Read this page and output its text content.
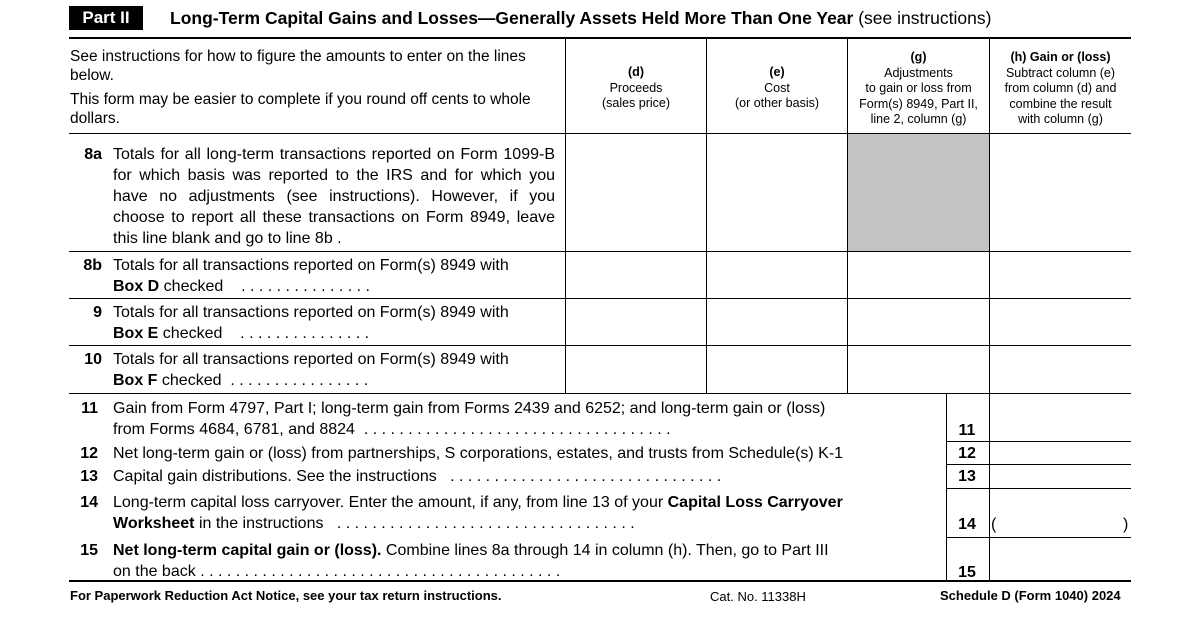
Part II	Long-Term Capital Gains and Losses—Generally Assets Held More Than One Year (see instructions)
See instructions for how to figure the amounts to enter on the lines below.
This form may be easier to complete if you round off cents to whole dollars.
(d)
Proceeds
(sales price)
(e)
Cost
(or other basis)
(g)
Adjustments
to gain or loss from
Form(s) 8949, Part II,
line 2, column (g)
(h) Gain or (loss)
Subtract column (e)
from column (d) and
combine the result
with column (g)
8a Totals for all long-term transactions reported on Form 1099-B for which basis was reported to the IRS and for which you have no adjustments (see instructions). However, if you choose to report all these transactions on Form 8949, leave this line blank and go to line 8b .
8b Totals for all transactions reported on Form(s) 8949 with
Box D checked . . . . . . . . . . . . . . .
9 Totals for all transactions reported on Form(s) 8949 with
Box E checked . . . . . . . . . . . . . . .
10 Totals for all transactions reported on Form(s) 8949 with
Box F checked . . . . . . . . . . . . . . . .
11 Gain from Form 4797, Part I; long-term gain from Forms 2439 and 6252; and long-term gain or (loss)
from Forms 4684, 6781, and 8824 . . . . . . . . . . . . . . . . . . . . . . . . . . . . . . . . . . .	11
12 Net long-term gain or (loss) from partnerships, S corporations, estates, and trusts from Schedule(s) K-1	12
13 Capital gain distributions. See the instructions . . . . . . . . . . . . . . . . . . . . . . . . . . . . . . .	13
14 Long-term capital loss carryover. Enter the amount, if any, from line 13 of your Capital Loss Carryover
Worksheet in the instructions . . . . . . . . . . . . . . . . . . . . . . . . . . . . . . . . . .	14 (	)
15 Net long-term capital gain or (loss). Combine lines 8a through 14 in column (h). Then, go to Part III
on the back . . . . . . . . . . . . . . . . . . . . . . . . . . . . . . . . . . . . . . . . .	15
For Paperwork Reduction Act Notice, see your tax return instructions.	Cat. No. 11338H	Schedule D (Form 1040) 2024
